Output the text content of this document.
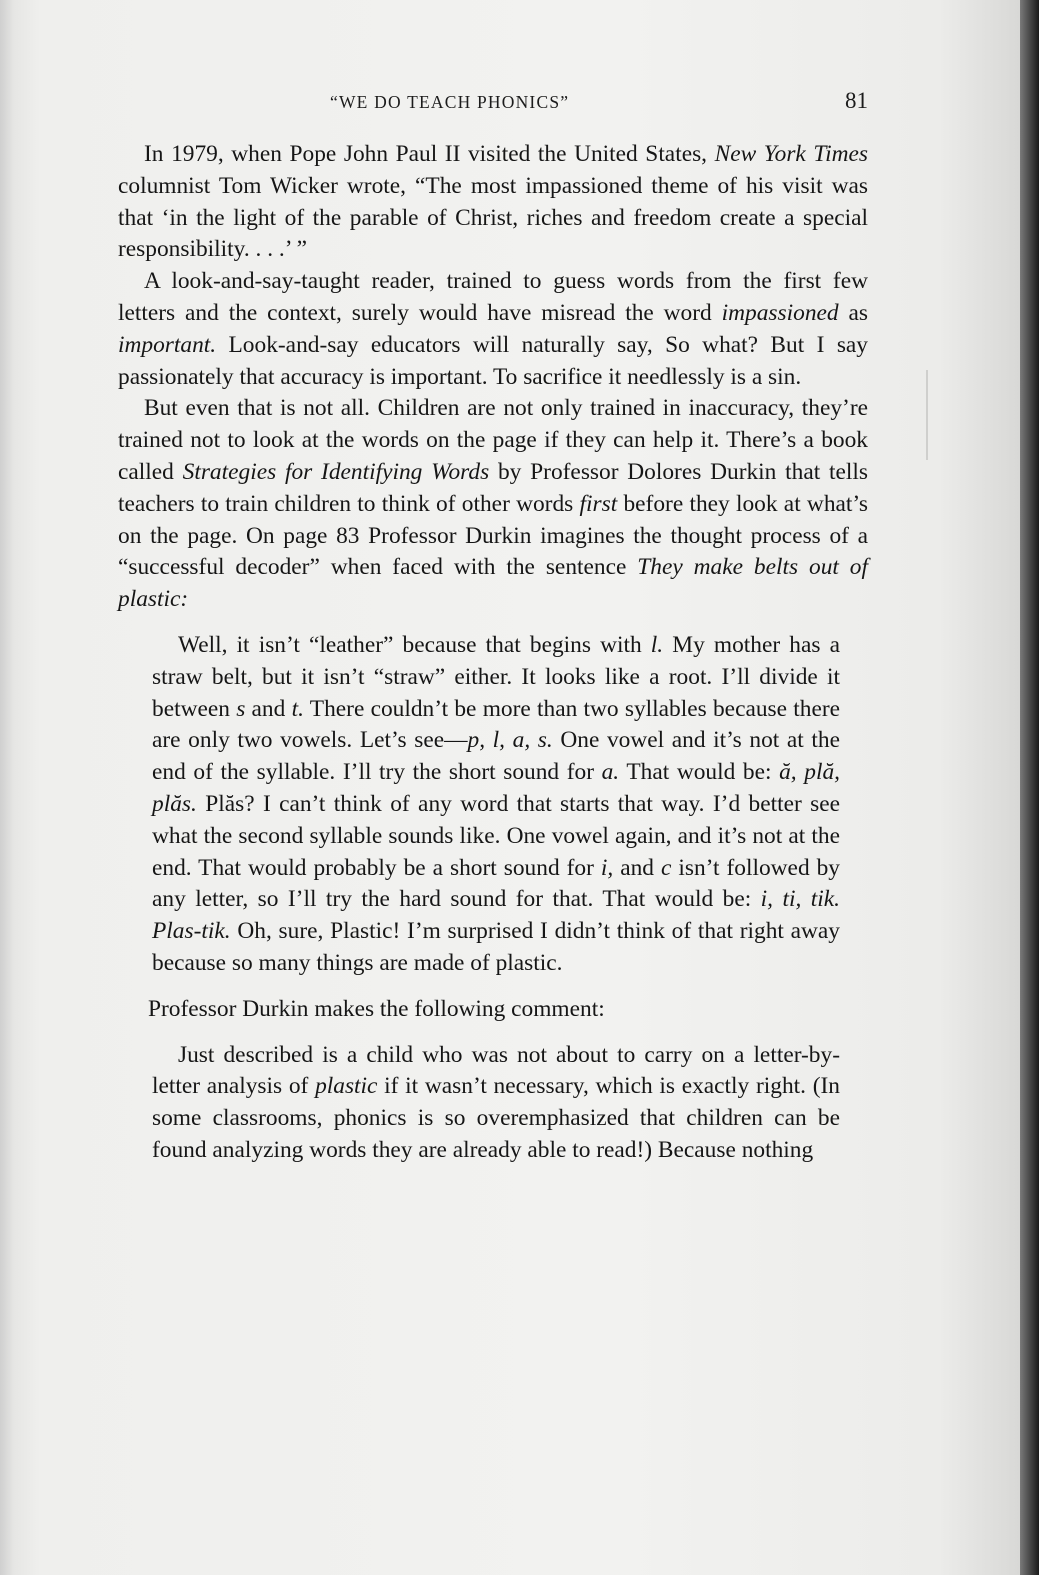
“WE DO TEACH PHONICS”	81

In 1979, when Pope John Paul II visited the United States, New York Times columnist Tom Wicker wrote, “The most impassioned theme of his visit was that ‘in the light of the parable of Christ, riches and freedom create a special responsibility. . . .’ ”

A look-and-say-taught reader, trained to guess words from the first few letters and the context, surely would have misread the word impassioned as important. Look-and-say educators will naturally say, So what? But I say passionately that accuracy is important. To sacrifice it needlessly is a sin.

But even that is not all. Children are not only trained in inaccuracy, they’re trained not to look at the words on the page if they can help it. There’s a book called Strategies for Identifying Words by Professor Dolores Durkin that tells teachers to train children to think of other words first before they look at what’s on the page. On page 83 Professor Durkin imagines the thought process of a “successful decoder” when faced with the sentence They make belts out of plastic:

Well, it isn’t “leather” because that begins with l. My mother has a straw belt, but it isn’t “straw” either. It looks like a root. I’ll divide it between s and t. There couldn’t be more than two syllables because there are only two vowels. Let’s see—p, l, a, s. One vowel and it’s not at the end of the syllable. I’ll try the short sound for a. That would be: ă, plă, plăs. Plăs? I can’t think of any word that starts that way. I’d better see what the second syllable sounds like. One vowel again, and it’s not at the end. That would probably be a short sound for i, and c isn’t followed by any letter, so I’ll try the hard sound for that. That would be: i, ti, tik. Plas-tik. Oh, sure, Plastic! I’m surprised I didn’t think of that right away because so many things are made of plastic.

Professor Durkin makes the following comment:

Just described is a child who was not about to carry on a letter-by-letter analysis of plastic if it wasn’t necessary, which is exactly right. (In some classrooms, phonics is so overemphasized that children can be found analyzing words they are already able to read!) Because nothing
